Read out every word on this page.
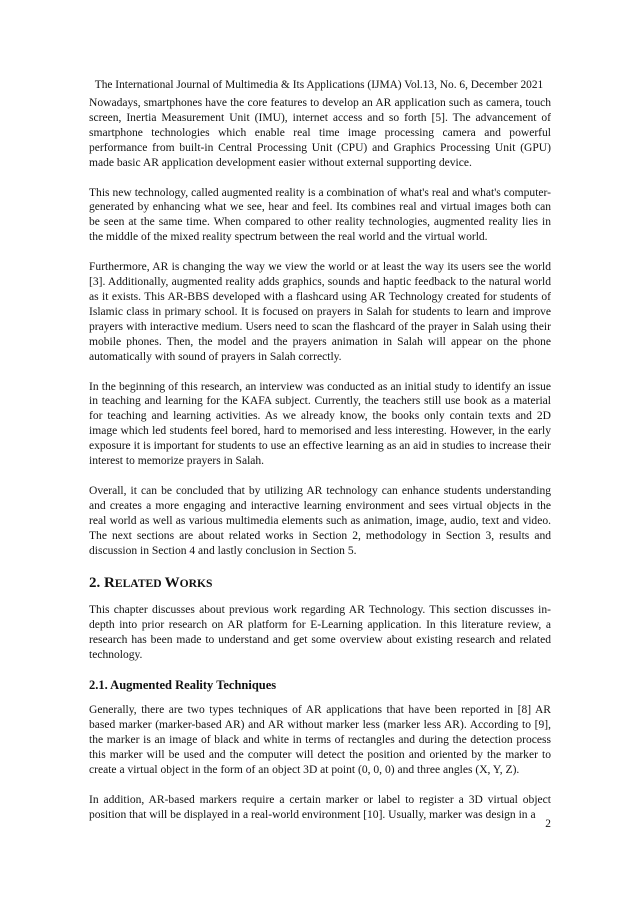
The International Journal of Multimedia & Its Applications (IJMA) Vol.13, No. 6, December 2021

Nowadays, smartphones have the core features to develop an AR application such as camera, touch screen, Inertia Measurement Unit (IMU), internet access and so forth [5]. The advancement of smartphone technologies which enable real time image processing camera and powerful performance from built-in Central Processing Unit (CPU) and Graphics Processing Unit (GPU) made basic AR application development easier without external supporting device.

This new technology, called augmented reality is a combination of what's real and what's computer-generated by enhancing what we see, hear and feel. Its combines real and virtual images both can be seen at the same time. When compared to other reality technologies, augmented reality lies in the middle of the mixed reality spectrum between the real world and the virtual world.

Furthermore, AR is changing the way we view the world or at least the way its users see the world [3]. Additionally, augmented reality adds graphics, sounds and haptic feedback to the natural world as it exists. This AR-BBS developed with a flashcard using AR Technology created for students of Islamic class in primary school. It is focused on prayers in Salah for students to learn and improve prayers with interactive medium. Users need to scan the flashcard of the prayer in Salah using their mobile phones. Then, the model and the prayers animation in Salah will appear on the phone automatically with sound of prayers in Salah correctly.

In the beginning of this research, an interview was conducted as an initial study to identify an issue in teaching and learning for the KAFA subject. Currently, the teachers still use book as a material for teaching and learning activities. As we already know, the books only contain texts and 2D image which led students feel bored, hard to memorised and less interesting. However, in the early exposure it is important for students to use an effective learning as an aid in studies to increase their interest to memorize prayers in Salah.

Overall, it can be concluded that by utilizing AR technology can enhance students understanding and creates a more engaging and interactive learning environment and sees virtual objects in the real world as well as various multimedia elements such as animation, image, audio, text and video. The next sections are about related works in Section 2, methodology in Section 3, results and discussion in Section 4 and lastly conclusion in Section 5.

2. RELATED WORKS

This chapter discusses about previous work regarding AR Technology. This section discusses in-depth into prior research on AR platform for E-Learning application. In this literature review, a research has been made to understand and get some overview about existing research and related technology.

2.1. Augmented Reality Techniques

Generally, there are two types techniques of AR applications that have been reported in [8] AR based marker (marker-based AR) and AR without marker less (marker less AR). According to [9], the marker is an image of black and white in terms of rectangles and during the detection process this marker will be used and the computer will detect the position and oriented by the marker to create a virtual object in the form of an object 3D at point (0, 0, 0) and three angles (X, Y, Z).

In addition, AR-based markers require a certain marker or label to register a 3D virtual object position that will be displayed in a real-world environment [10]. Usually, marker was design in a

2
